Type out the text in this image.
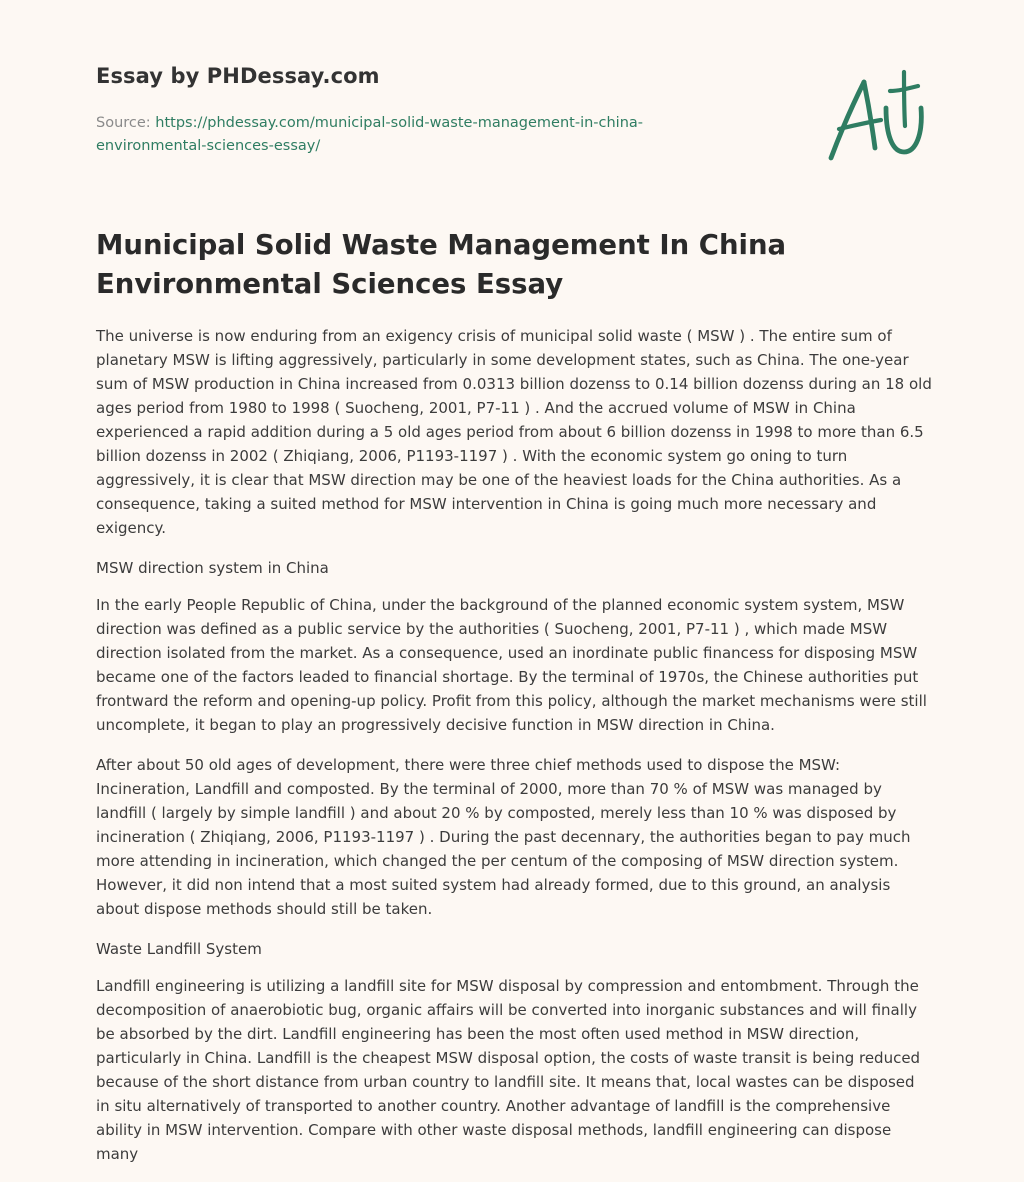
Essay by PHDessay.com
Source: https://phdessay.com/municipal-solid-waste-management-in-china-environmental-sciences-essay/
Municipal Solid Waste Management In China Environmental Sciences Essay

The universe is now enduring from an exigency crisis of municipal solid waste ( MSW ) . The entire sum of planetary MSW is lifting aggressively, particularly in some development states, such as China. The one-year sum of MSW production in China increased from 0.0313 billion dozenss to 0.14 billion dozenss during an 18 old ages period from 1980 to 1998 ( Suocheng, 2001, P7-11 ) . And the accrued volume of MSW in China experienced a rapid addition during a 5 old ages period from about 6 billion dozenss in 1998 to more than 6.5 billion dozenss in 2002 ( Zhiqiang, 2006, P1193-1197 ) . With the economic system go oning to turn aggressively, it is clear that MSW direction may be one of the heaviest loads for the China authorities. As a consequence, taking a suited method for MSW intervention in China is going much more necessary and exigency.

MSW direction system in China

In the early People Republic of China, under the background of the planned economic system system, MSW direction was defined as a public service by the authorities ( Suocheng, 2001, P7-11 ) , which made MSW direction isolated from the market. As a consequence, used an inordinate public financess for disposing MSW became one of the factors leaded to financial shortage. By the terminal of 1970s, the Chinese authorities put frontward the reform and opening-up policy. Profit from this policy, although the market mechanisms were still uncomplete, it began to play an progressively decisive function in MSW direction in China.

After about 50 old ages of development, there were three chief methods used to dispose the MSW: Incineration, Landfill and composted. By the terminal of 2000, more than 70 % of MSW was managed by landfill ( largely by simple landfill ) and about 20 % by composted, merely less than 10 % was disposed by incineration ( Zhiqiang, 2006, P1193-1197 ) . During the past decennary, the authorities began to pay much more attending in incineration, which changed the per centum of the composing of MSW direction system. However, it did non intend that a most suited system had already formed, due to this ground, an analysis about dispose methods should still be taken.

Waste Landfill System

Landfill engineering is utilizing a landfill site for MSW disposal by compression and entombment. Through the decomposition of anaerobiotic bug, organic affairs will be converted into inorganic substances and will finally be absorbed by the dirt. Landfill engineering has been the most often used method in MSW direction, particularly in China. Landfill is the cheapest MSW disposal option, the costs of waste transit is being reduced because of the short distance from urban country to landfill site. It means that, local wastes can be disposed in situ alternatively of transported to another country. Another advantage of landfill is the comprehensive ability in MSW intervention. Compare with other waste disposal methods, landfill engineering can dispose many
